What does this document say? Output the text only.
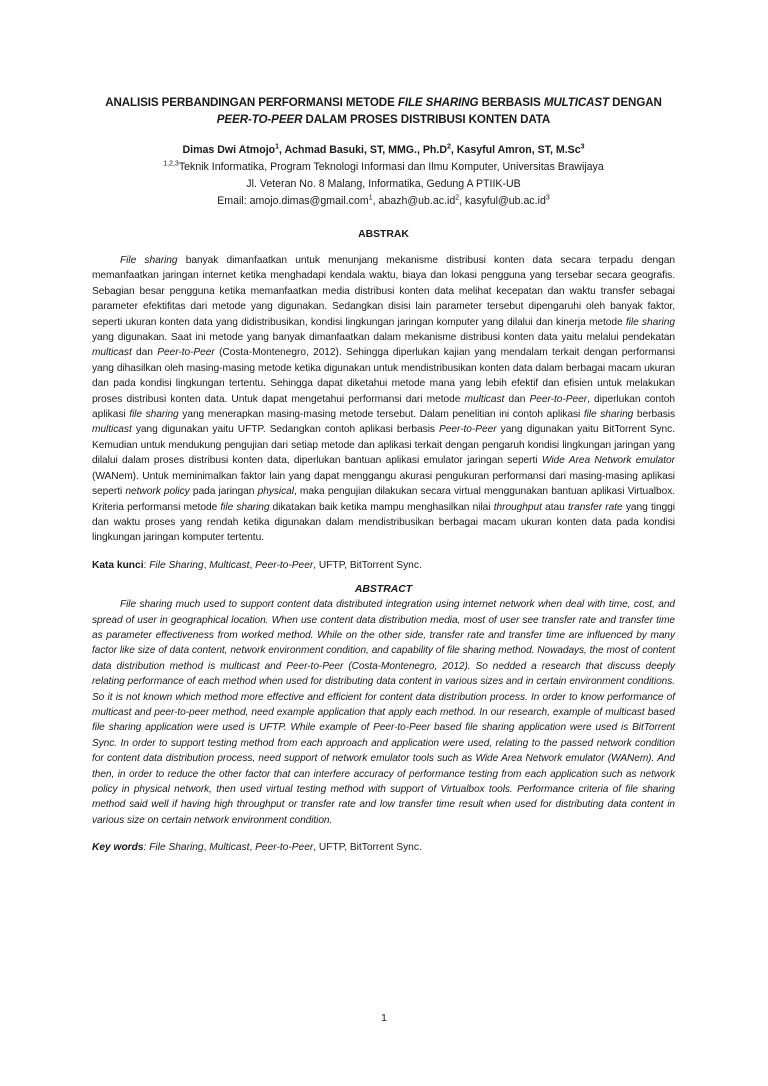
ANALISIS PERBANDINGAN PERFORMANSI METODE FILE SHARING BERBASIS MULTICAST DENGAN
PEER-TO-PEER DALAM PROSES DISTRIBUSI KONTEN DATA
Dimas Dwi Atmojo$^1$, Achmad Basuki, ST, MMG., $Ph.D^2$, Kasyful Amron, ST, M.Sc$^3$
$^{1,2,3}$Teknik Informatika, Program Teknologi Informasi dan Ilmu Komputer, Universitas Brawijaya
Jl. Veteran No. 8 Malang, Informatika, Gedung A PTIIK-UB
Email: amojo.dimas@gmail.com$^1$, $abazh@ub.ac.id^2$, $kasyful@ub.ac.id^3$
ABSTRAK

File sharing banyak dimanfaatkan untuk menunjang mekanisme distribusi konten data secara terpadu dengan memanfaatkan jaringan internet ketika menghadapi kendala waktu, biaya dan lokasi pengguna yang tersebar secara geografis. Sebagian besar pengguna ketika memanfaatkan media distribusi konten data melihat kecepatan dan waktu transfer sebagai parameter efektifitas dari metode yang digunakan. Sedangkan disisi lain parameter tersebut dipengaruhi oleh banyak faktor, seperti ukuran konten data yang didistribusikan, kondisi lingkungan jaringan komputer yang dilalui dan kinerja metode file sharing yang digunakan. Saat ini metode yang banyak dimanfaatkan dalam mekanisme distribusi konten data yaitu melalui pendekatan multicast dan Peer-to-Peer (Costa-Montenegro, 2012). Sehingga diperlukan kajian yang mendalam terkait dengan performansi yang dihasilkan oleh masing-masing metode ketika digunakan untuk mendistribusikan konten data dalam berbagai macam ukuran dan pada kondisi lingkungan tertentu. Sehingga dapat diketahui metode mana yang lebih efektif dan efisien untuk melakukan proses distribusi konten data. Untuk dapat mengetahui performansi dari metode multicast dan Peer-to-Peer, diperlukan contoh aplikasi file sharing yang menerapkan masing-masing metode tersebut. Dalam penelitian ini contoh aplikasi file sharing berbasis multicast yang digunakan yaitu UFTP. Sedangkan contoh aplikasi berbasis Peer-to-Peer yang digunakan yaitu BitTorrent Sync. Kemudian untuk mendukung pengujian dari setiap metode dan aplikasi terkait dengan pengaruh kondisi lingkungan jaringan yang dilalui dalam proses distribusi konten data, diperlukan bantuan aplikasi emulator jaringan seperti Wide Area Network emulator (WANem). Untuk meminimalkan faktor lain yang dapat menggangu akurasi pengukuran performansi dari masing-masing aplikasi seperti network policy pada jaringan physical, maka pengujian dilakukan secara virtual menggunakan bantuan aplikasi Virtualbox. Kriteria performansi metode file sharing dikatakan baik ketika mampu menghasilkan nilai throughput atau transfer rate yang tinggi dan waktu proses yang rendah ketika digunakan dalam mendistribusikan berbagai macam ukuran konten data pada kondisi lingkungan jaringan komputer tertentu.

Kata kunci: File Sharing, Multicast, Peer-to-Peer, UFTP, BitTorrent Sync.
ABSTRACT

File sharing much used to support content data distributed integration using internet network when deal with time, cost, and spread of user in geographical location. When use content data distribution media, most of user see transfer rate and transfer time as parameter effectiveness from worked method. While on the other side, transfer rate and transfer time are influenced by many factor like size of data content, network environment condition, and capability of file sharing method. Nowadays, the most of content data distribution method is multicast and Peer-to-Peer (Costa-Montenegro, 2012). So nedded a research that discuss deeply relating performance of each method when used for distributing data content in various sizes and in certain environment conditions. So it is not known which method more effective and efficient for content data distribution process. In order to know performance of multicast and peer-to-peer method, need example application that apply each method. In our research, example of multicast based file sharing application were used is UFTP. While example of Peer-to-Peer based file sharing application were used is BitTorrent Sync. In order to support testing method from each approach and application were used, relating to the passed network condition for content data distribution process, need support of network emulator tools such as Wide Area Network emulator (WANem). And then, in order to reduce the other factor that can interfere accuracy of performance testing from each application such as network policy in physical network, then used virtual testing method with support of Virtualbox tools. Performance criteria of file sharing method said well if having high throughput or transfer rate and low transfer time result when used for distributing data content in various size on certain network environment condition.

Key words: File Sharing, Multicast, Peer-to-Peer, UFTP, BitTorrent Sync.
1
